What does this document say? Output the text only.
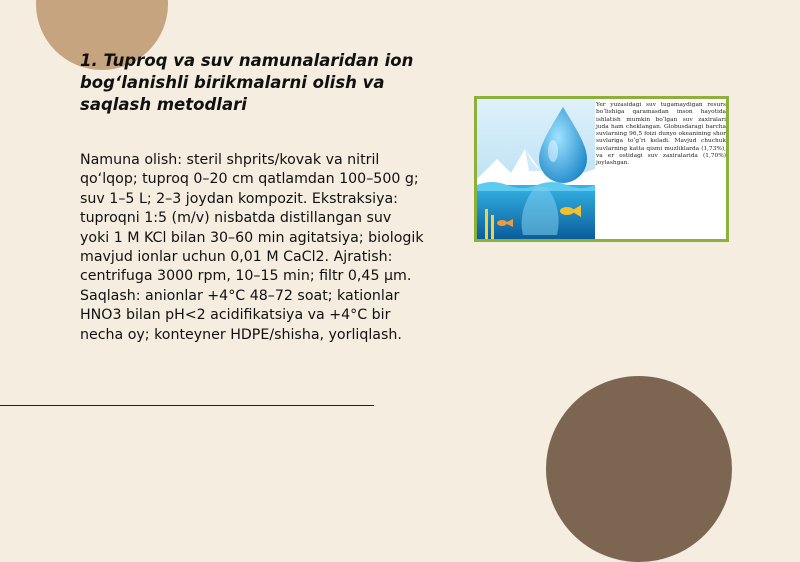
1. Tuproq va suv namunalaridan ion bog‘lanishli birikmalarni olish va saqlash metodlari

Namuna olish: steril shprits/kovak va nitril qo‘lqop; tuproq 0–20 cm qatlamdan 100–500 g; suv 1–5 L; 2–3 joydan kompozit. Ekstraksiya: tuproqni 1:5 (m/v) nisbatda distillangan suv yoki 1 M KCl bilan 30–60 min agitatsiya; biologik mavjud ionlar uchun 0,01 M CaCl2. Ajratish: centrifuga 3000 rpm, 10–15 min; filtr 0,45 µm. Saqlash: anionlar +4°C 48–72 soat; kationlar HNO3 bilan pH<2 acidifikatsiya va +4°C bir necha oy; konteyner HDPE/shisha, yorliqlash.

Yer yuzasidagi suv tugamaydigan resurs bo‘lishiga qaramasdan inson hayotida ishlatish mumkin bo‘lgan suv zaxiralari juda ham cheklangan. Globusdaragi barcha suvlarning 96,5 foizi dunyo okeanining shor suvlariga to‘g‘ri keladi. Mavjud chuchuk suvlarning katta qismi muzliklarda (1,73%), va er ostidagi suv zaxiralarida (1,70%) joylashgan.
